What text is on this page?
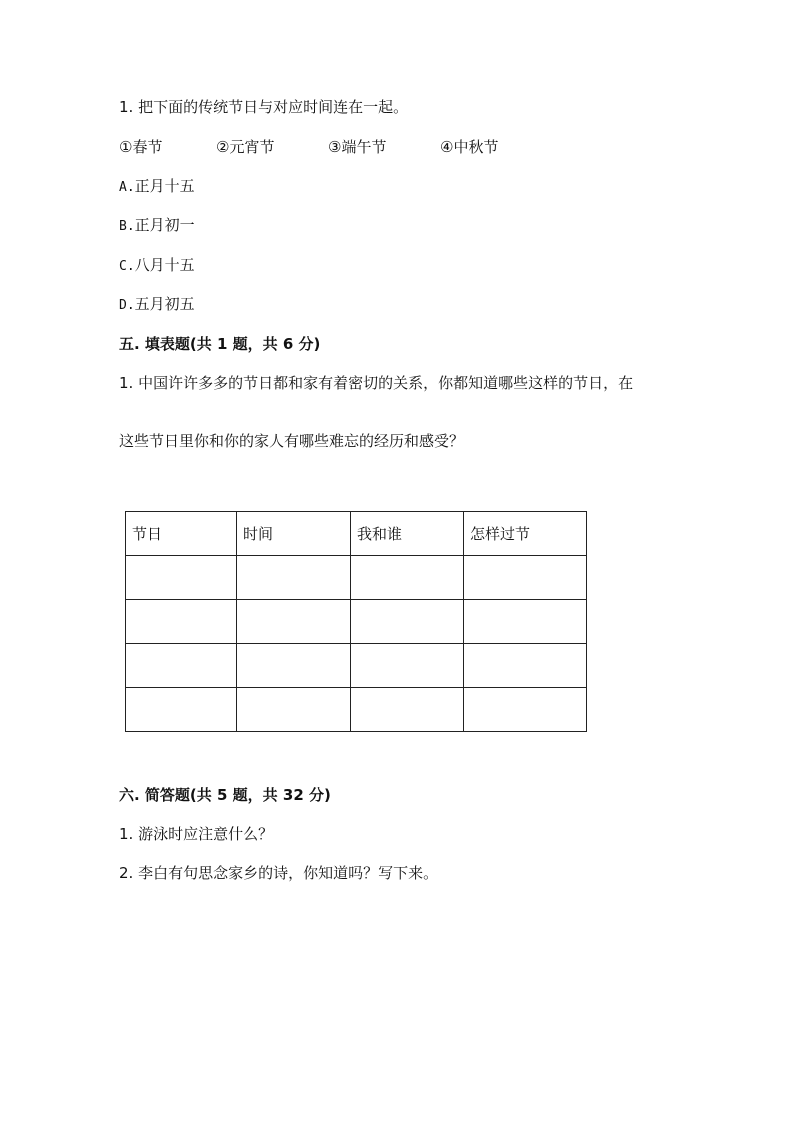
1. 把下面的传统节日与对应时间连在一起。
①春节	②元宵节	③端午节	④中秋节
A.正月十五
B.正月初一
C.八月十五
D.五月初五
五. 填表题(共 1 题，共 6 分)
1. 中国许许多多的节日都和家有着密切的关系，你都知道哪些这样的节日，在
这些节日里你和你的家人有哪些难忘的经历和感受？
节日	时间	我和谁	怎样过节

六. 简答题(共 5 题，共 32 分)
1. 游泳时应注意什么？
2. 李白有句思念家乡的诗，你知道吗？写下来。
